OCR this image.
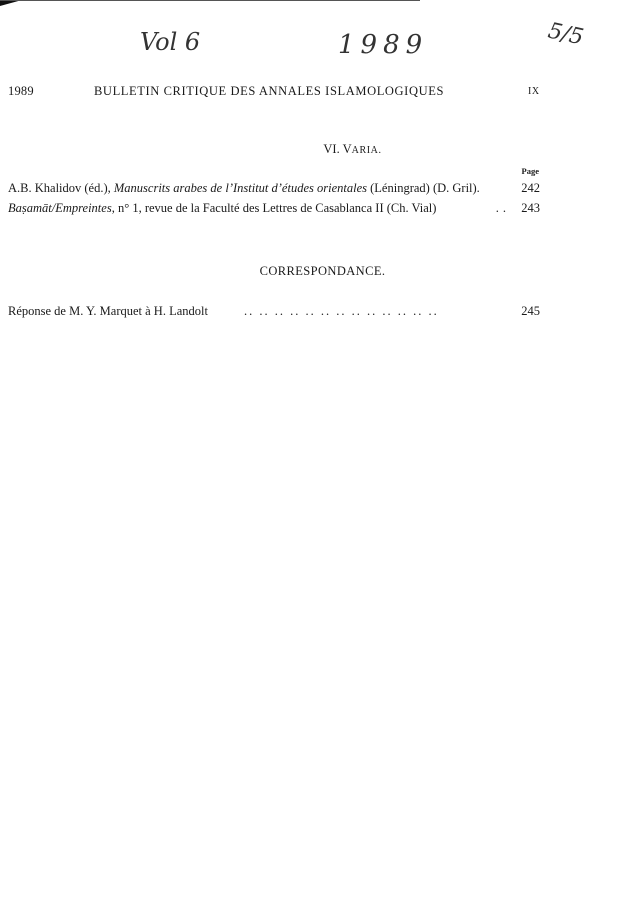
Vol 6	1989	5/5
1989	BULLETIN CRITIQUE DES ANNALES ISLAMOLOGIQUES	IX
VI. VARIA.
Page
A.B. Khalidov (éd.), Manuscrits arabes de l’Institut d’études orientales (Léningrad) (D. Gril).	242
Baṣamāt/Empreintes, n° 1, revue de la Faculté des Lettres de Casablanca II (Ch. Vial)	.. 243
CORRESPONDANCE.
Réponse de M. Y. Marquet à H. Landolt	.. .. .. .. .. .. .. .. .. .. .. .. ..	245
